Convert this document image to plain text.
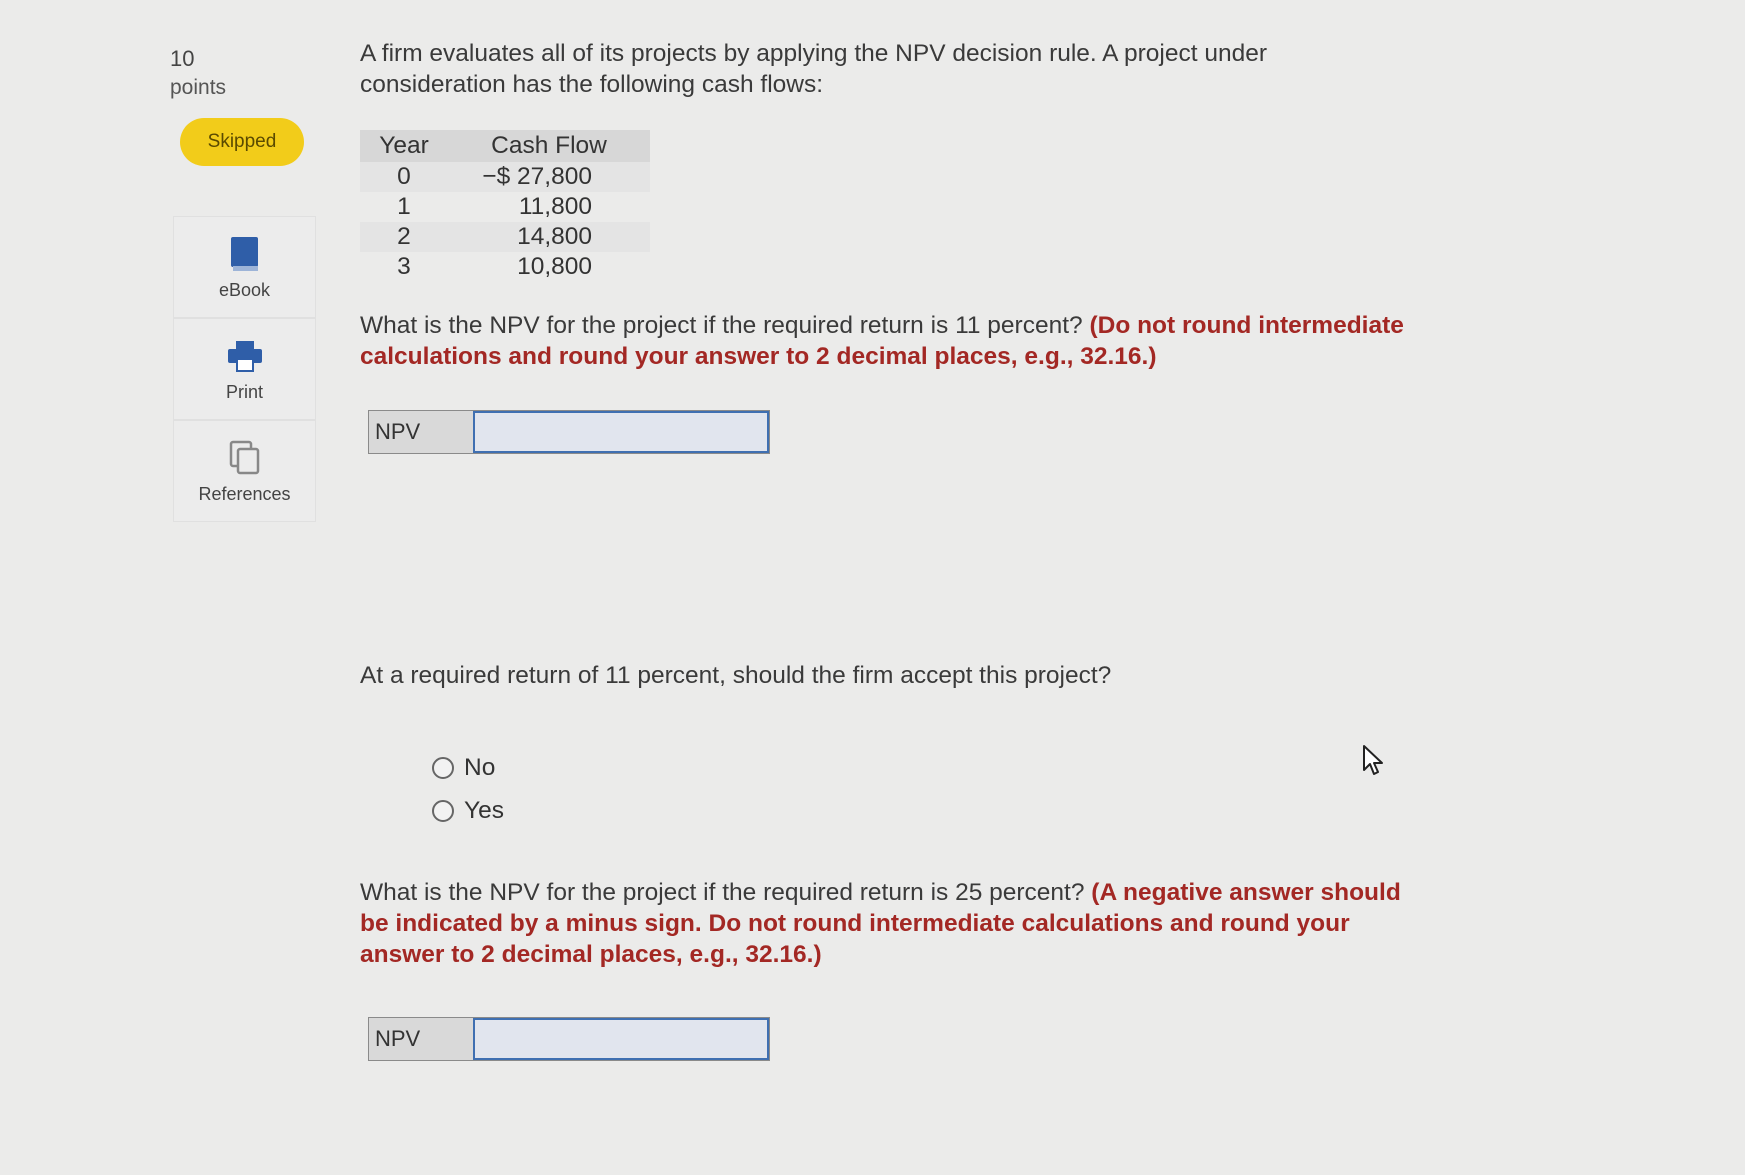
10
points
Skipped
eBook
Print
References
A firm evaluates all of its projects by applying the NPV decision rule. A project under consideration has the following cash flows:
Year	Cash Flow
0	−$ 27,800
1	11,800
2	14,800
3	10,800
What is the NPV for the project if the required return is 11 percent? (Do not round intermediate calculations and round your answer to 2 decimal places, e.g., 32.16.)
NPV
At a required return of 11 percent, should the firm accept this project?
No
Yes
What is the NPV for the project if the required return is 25 percent? (A negative answer should be indicated by a minus sign. Do not round intermediate calculations and round your answer to 2 decimal places, e.g., 32.16.)
NPV
